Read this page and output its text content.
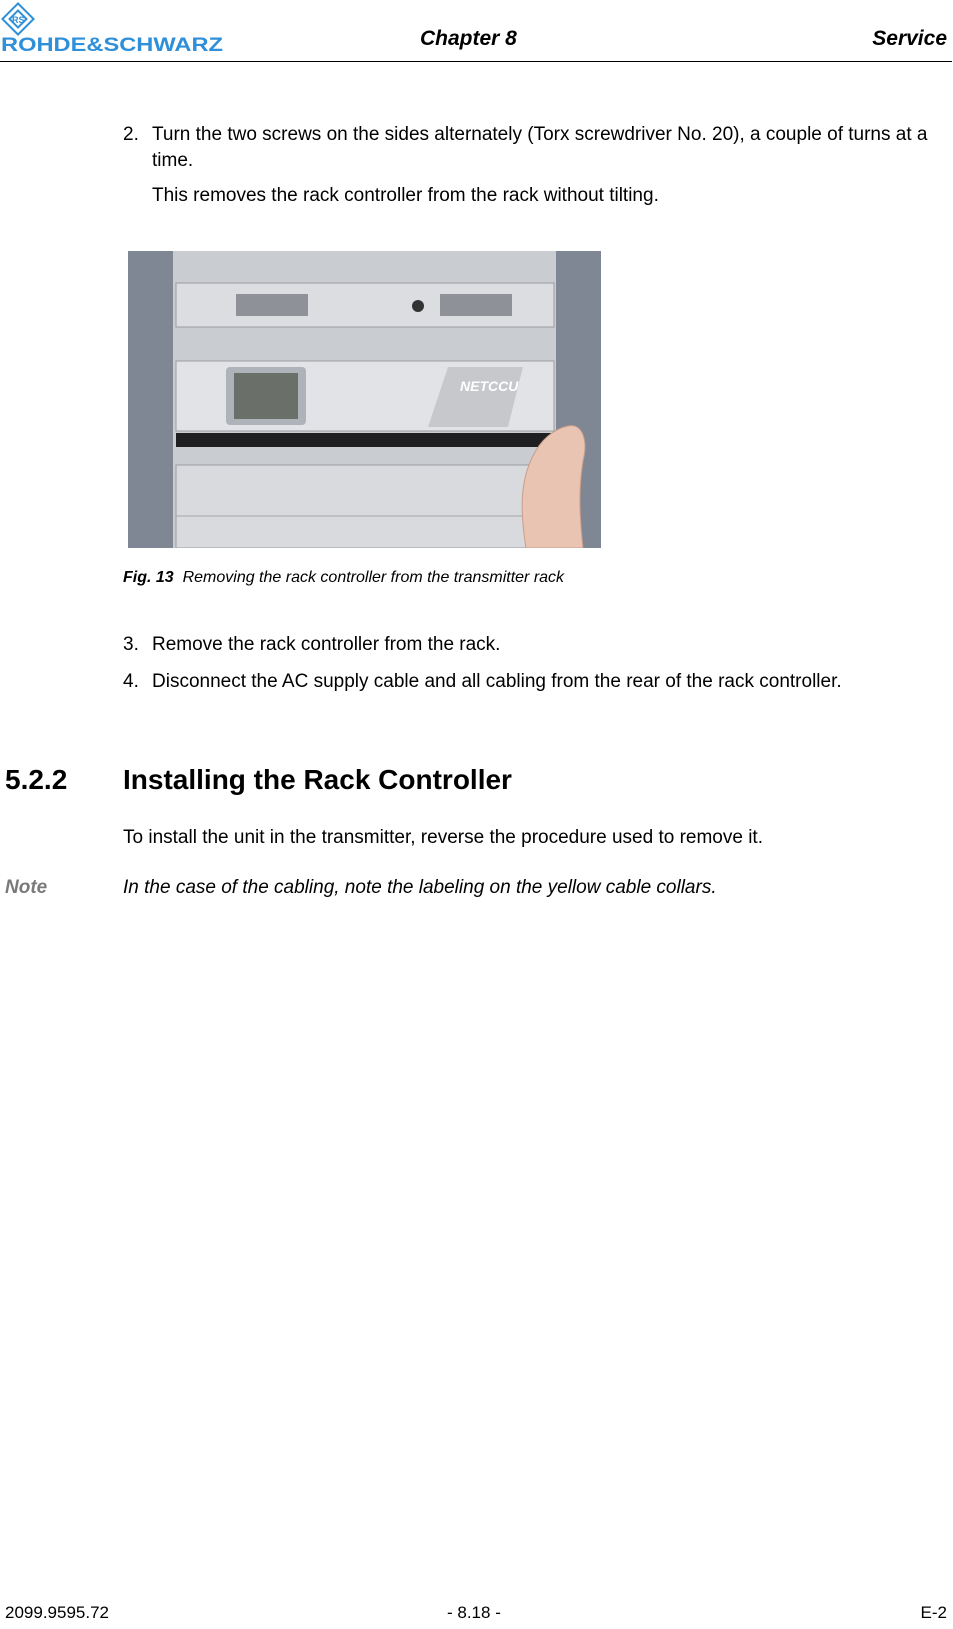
RS
ROHDE&SCHWARZ	Chapter 8	Service
2. Turn the two screws on the sides alternately (Torx screwdriver No. 20), a couple of turns at a time.
This removes the rack controller from the rack without tilting.
NETCCU
Fig. 13 Removing the rack controller from the transmitter rack
3. Remove the rack controller from the rack.
4. Disconnect the AC supply cable and all cabling from the rear of the rack controller.
5.2.2 Installing the Rack Controller
To install the unit in the transmitter, reverse the procedure used to remove it.
Note	In the case of the cabling, note the labeling on the yellow cable collars.
2099.9595.72	- 8.18 -	E-2
